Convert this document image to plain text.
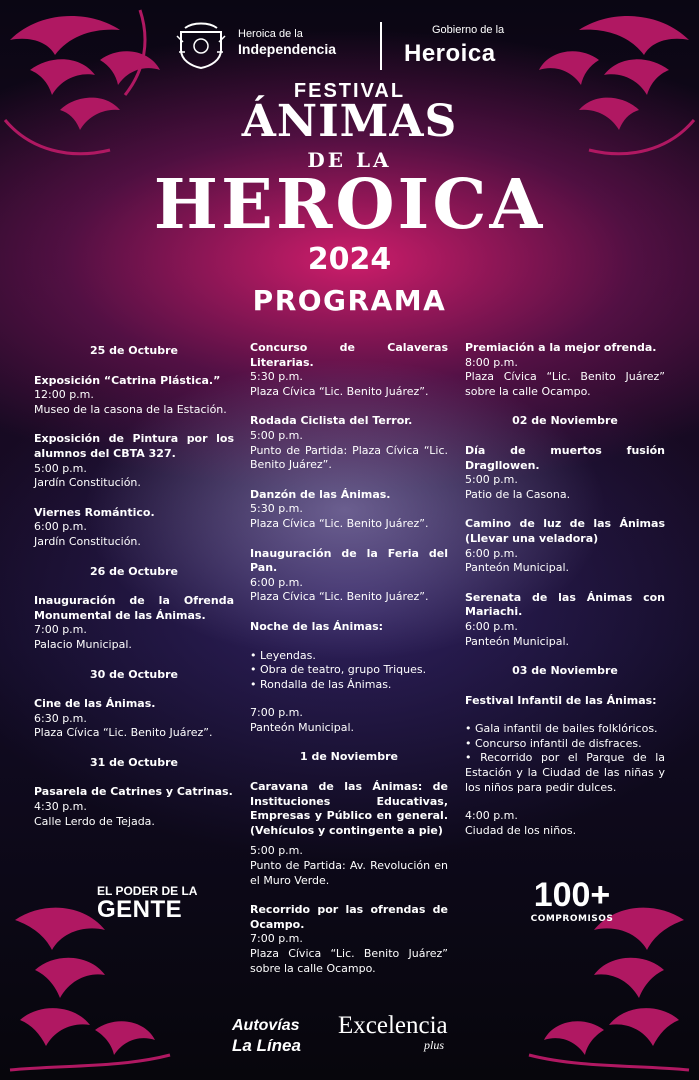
Heroica de la
Independencia
Gobierno de la
Heroica
FESTIVAL
ÁNIMAS
DE LA
HEROICA
2024
PROGRAMA
25 de Octubre
Exposición “Catrina Plástica.”
12:00 p.m.
Museo de la casona de la Estación.
Exposición de Pintura por los alumnos del CBTA 327.
5:00 p.m.
Jardín Constitución.
Viernes Romántico.
6:00 p.m.
Jardín Constitución.
26 de Octubre
Inauguración de la Ofrenda Monumental de las Ánimas.
7:00 p.m.
Palacio Municipal.
30 de Octubre
Cine de las Ánimas.
6:30 p.m.
Plaza Cívica “Lic. Benito Juárez”.
31 de Octubre
Pasarela de Catrines y Catrinas.
4:30 p.m.
Calle Lerdo de Tejada.
Concurso de Calaveras Literarias.
5:30 p.m.
Plaza Cívica “Lic. Benito Juárez”.
Rodada Ciclista del Terror.
5:00 p.m.
Punto de Partida: Plaza Cívica “Lic. Benito Juárez”.
Danzón de las Ánimas.
5:30 p.m.
Plaza Cívica “Lic. Benito Juárez”.
Inauguración de la Feria del Pan.
6:00 p.m.
Plaza Cívica “Lic. Benito Juárez”.
Noche de las Ánimas:
• Leyendas.
• Obra de teatro, grupo Triques.
• Rondalla de las Ánimas.
7:00 p.m.
Panteón Municipal.
1 de Noviembre
Caravana de las Ánimas: de Instituciones Educativas, Empresas y Público en general. (Vehículos y contingente a pie)
5:00 p.m.
Punto de Partida: Av. Revolución en el Muro Verde.
Recorrido por las ofrendas de Ocampo.
7:00 p.m.
Plaza Cívica “Lic. Benito Juárez” sobre la calle Ocampo.
Premiación a la mejor ofrenda.
8:00 p.m.
Plaza Cívica “Lic. Benito Juárez” sobre la calle Ocampo.
02 de Noviembre
Día de muertos fusión Dragllowen.
5:00 p.m.
Patio de la Casona.
Camino de luz de las Ánimas (Llevar una veladora)
6:00 p.m.
Panteón Municipal.
Serenata de las Ánimas con Mariachi.
6:00 p.m.
Panteón Municipal.
03 de Noviembre
Festival Infantil de las Ánimas:
• Gala infantil de bailes folklóricos.
• Concurso infantil de disfraces.
• Recorrido por el Parque de la Estación y la Ciudad de las niñas y los niños para pedir dulces.
4:00 p.m.
Ciudad de los niños.
EL PODER DE LA
GENTE	100+
COMPROMISOS
Autovías
La Línea
Excelencia
plus
